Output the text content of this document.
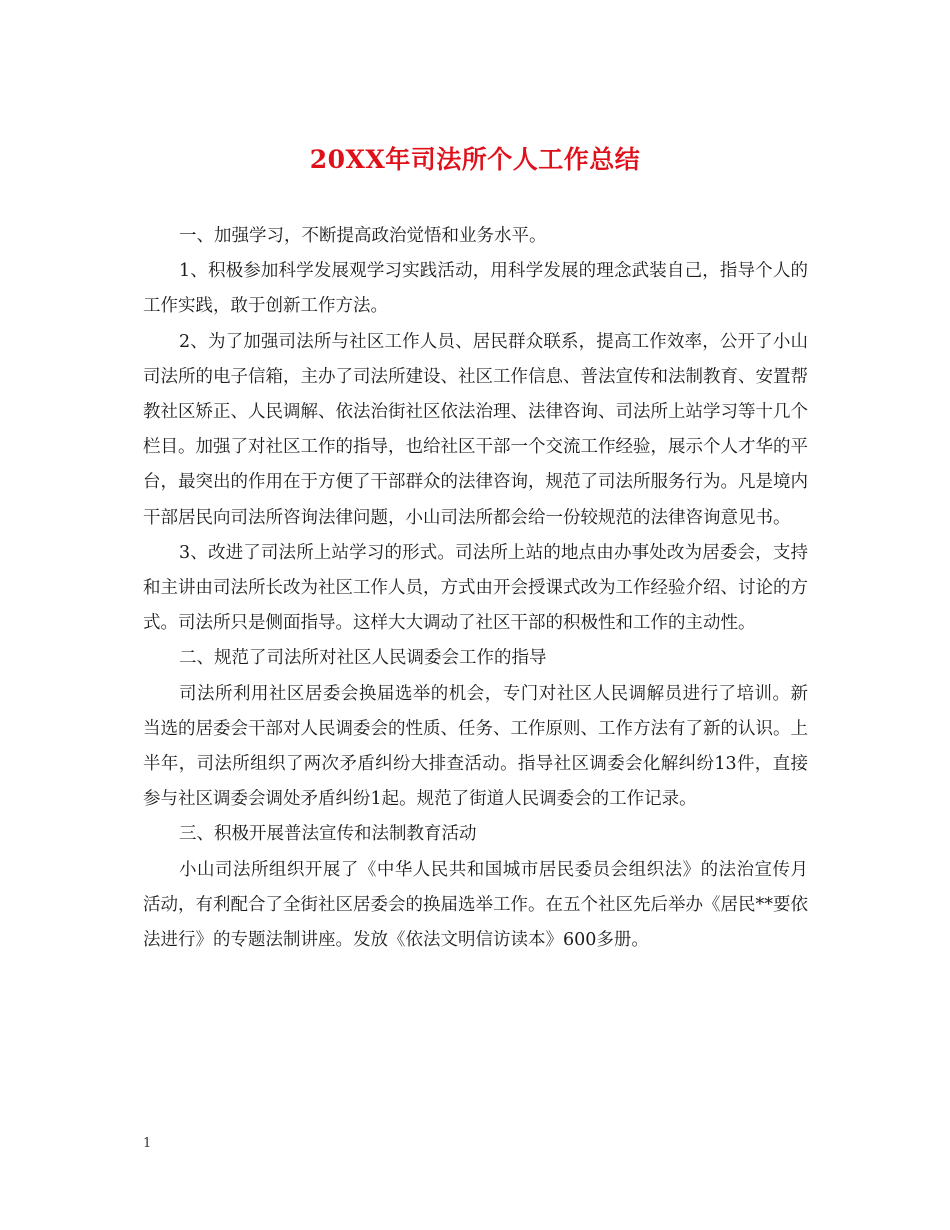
20XX年司法所个人工作总结

一、加强学习，不断提高政治觉悟和业务水平。

1、积极参加科学发展观学习实践活动，用科学发展的理念武装自己，指导个人的工作实践，敢于创新工作方法。

2、为了加强司法所与社区工作人员、居民群众联系，提高工作效率，公开了小山司法所的电子信箱，主办了司法所建设、社区工作信息、普法宣传和法制教育、安置帮教社区矫正、人民调解、依法治街社区依法治理、法律咨询、司法所上站学习等十几个栏目。加强了对社区工作的指导，也给社区干部一个交流工作经验，展示个人才华的平台，最突出的作用在于方便了干部群众的法律咨询，规范了司法所服务行为。凡是境内干部居民向司法所咨询法律问题，小山司法所都会给一份较规范的法律咨询意见书。

3、改进了司法所上站学习的形式。司法所上站的地点由办事处改为居委会，支持和主讲由司法所长改为社区工作人员，方式由开会授课式改为工作经验介绍、讨论的方式。司法所只是侧面指导。这样大大调动了社区干部的积极性和工作的主动性。

二、规范了司法所对社区人民调委会工作的指导

司法所利用社区居委会换届选举的机会，专门对社区人民调解员进行了培训。新当选的居委会干部对人民调委会的性质、任务、工作原则、工作方法有了新的认识。上半年，司法所组织了两次矛盾纠纷大排查活动。指导社区调委会化解纠纷13件，直接参与社区调委会调处矛盾纠纷1起。规范了街道人民调委会的工作记录。

三、积极开展普法宣传和法制教育活动

小山司法所组织开展了《中华人民共和国城市居民委员会组织法》的法治宣传月活动，有利配合了全街社区居委会的换届选举工作。在五个社区先后举办《居民**要依法进行》的专题法制讲座。发放《依法文明信访读本》600多册。

1
